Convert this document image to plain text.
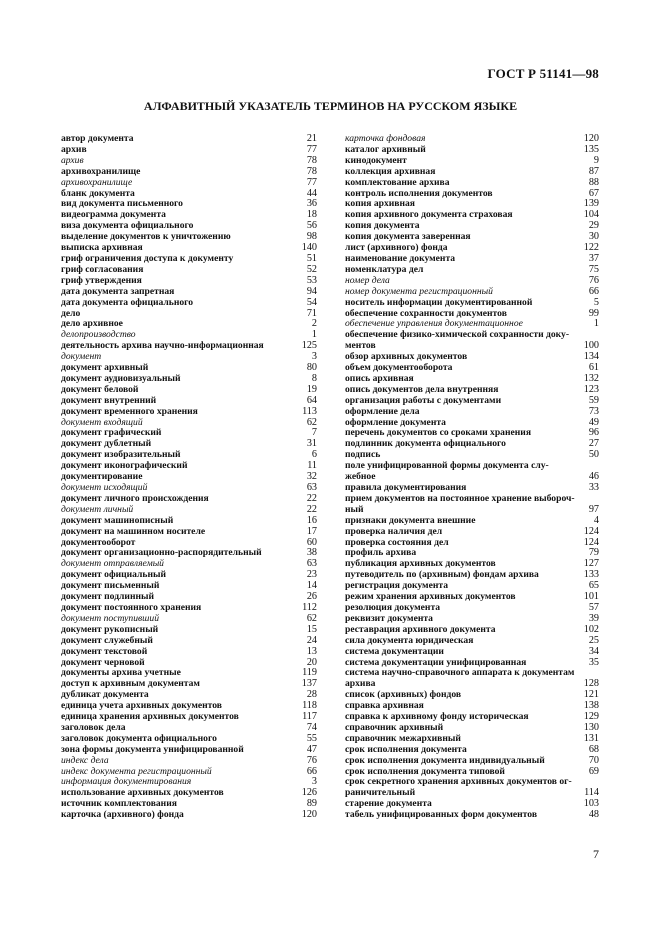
ГОСТ Р 51141—98
АЛФАВИТНЫЙ УКАЗАТЕЛЬ ТЕРМИНОВ НА РУССКОМ ЯЗЫКЕ
автор документа	21
архив	77
архив	78
архивохранилище	78
архивохранилище	77
бланк документа	44
вид документа письменного	36
видеограмма документа	18
виза документа официального	56
выделение документов к уничтожению	98
выписка архивная	140
гриф ограничения доступа к документу	51
гриф согласования	52
гриф утверждения	53
дата документа запретная	94
дата документа официального	54
дело	71
дело архивное	2
делопроизводство	1
деятельность архива научно-информационная	125
документ	3
документ архивный	80
документ аудиовизуальный	8
документ беловой	19
документ внутренний	64
документ временного хранения	113
документ входящий	62
документ графический	7
документ дублетный	31
документ изобразительный	6
документ иконографический	11
документирование	32
документ исходящий	63
документ личного происхождения	22
документ личный	22
документ машинописный	16
документ на машинном носителе	17
документооборот	60
документ организационно-распорядительный	38
документ отправляемый	63
документ официальный	23
документ письменный	14
документ подлинный	26
документ постоянного хранения	112
документ поступивший	62
документ рукописный	15
документ служебный	24
документ текстовой	13
документ черновой	20
документы архива учетные	119
доступ к архивным документам	137
дубликат документа	28
единица учета архивных документов	118
единица хранения архивных документов	117
заголовок дела	74
заголовок документа официального	55
зона формы документа унифицированной	47
индекс дела	76
индекс документа регистрационный	66
информация документирования	3
использование архивных документов	126
источник комплектования	89
карточка (архивного) фонда	120
карточка фондовая	120
каталог архивный	135
кинодокумент	9
коллекция архивная	87
комплектование архива	88
контроль исполнения документов	67
копия архивная	139
копия архивного документа страховая	104
копия документа	29
копия документа заверенная	30
лист (архивного) фонда	122
наименование документа	37
номенклатура дел	75
номер дела	76
номер документа регистрационный	66
носитель информации документированной	5
обеспечение сохранности документов	99
обеспечение управления документационное	1
обеспечение физико-химической сохранности доку-
ментов	100
обзор архивных документов	134
объем документооборота	61
опись архивная	132
опись документов дела внутренняя	123
организация работы с документами	59
оформление дела	73
оформление документа	49
перечень документов со сроками хранения	96
подлинник документа официального	27
подпись	50
поле унифицированной формы документа слу-
жебное	46
правила документирования	33
прием документов на постоянное хранение выбороч-
ный	97
признаки документа внешние	4
проверка наличия дел	124
проверка состояния дел	124
профиль архива	79
публикация архивных документов	127
путеводитель по (архивным) фондам архива	133
регистрация документа	65
режим хранения архивных документов	101
резолюция документа	57
реквизит документа	39
реставрация архивного документа	102
сила документа юридическая	25
система документации	34
система документации унифицированная	35
система научно-справочного аппарата к документам
архива	128
список (архивных) фондов	121
справка архивная	138
справка к архивному фонду историческая	129
справочник архивный	130
справочник межархивный	131
срок исполнения документа	68
срок исполнения документа индивидуальный	70
срок исполнения документа типовой	69
срок секретного хранения архивных документов ог-
раничительный	114
старение документа	103
табель унифицированных форм документов	48
7
